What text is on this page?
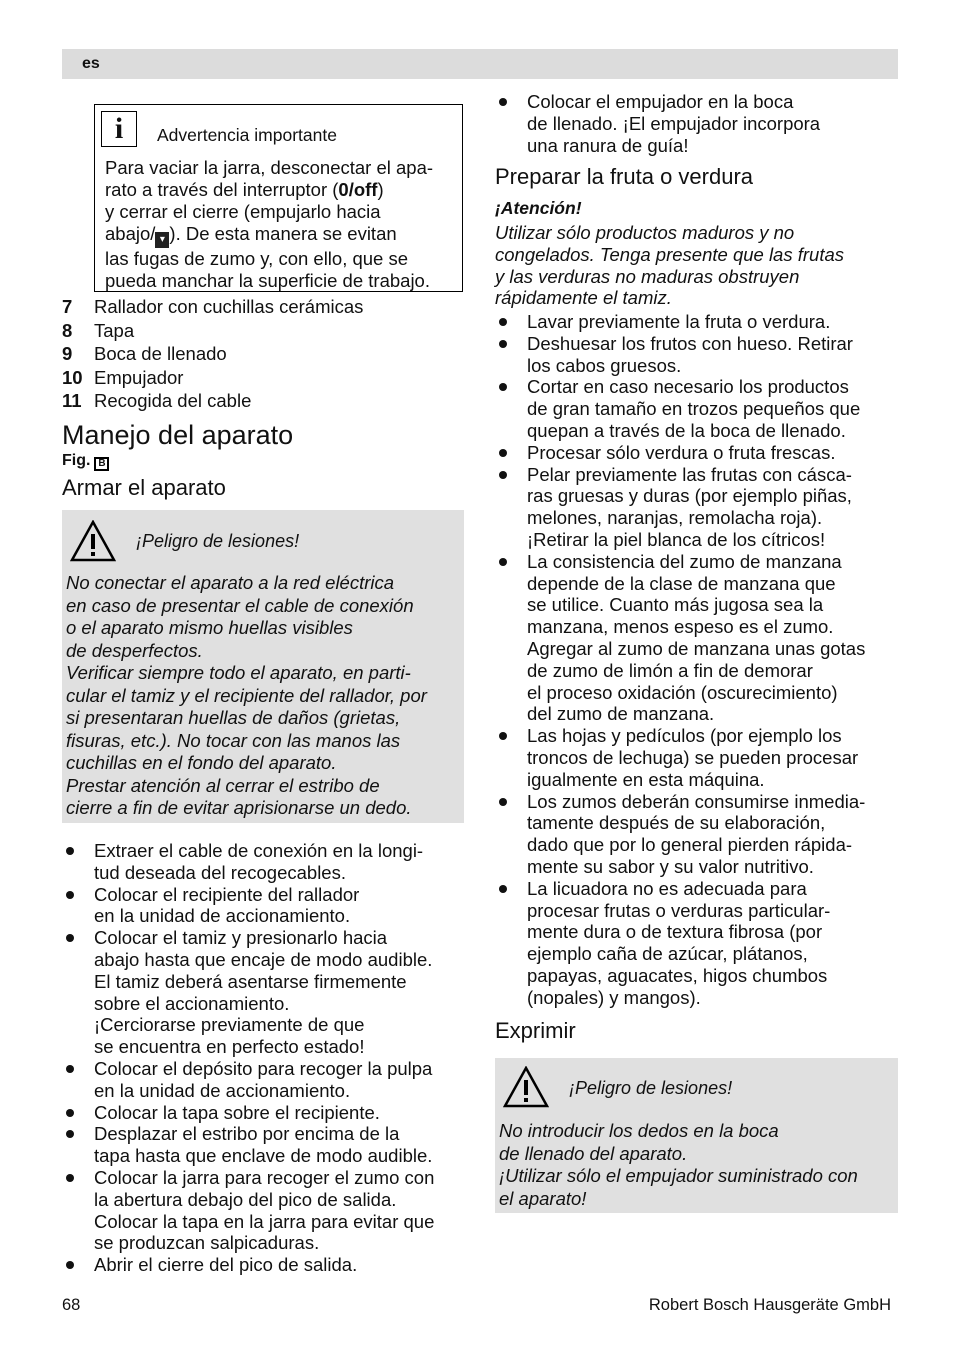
es
i	Advertencia importante
Para vaciar la jarra, desconectar el apa-
rato a través del interruptor (0/off)
y cerrar el cierre (empujarlo hacia
abajo/ ▾ ). De esta manera se evitan
las fugas de zumo y, con ello, que se
pueda manchar la superficie de trabajo.
7 Rallador con cuchillas cerámicas
8 Tapa
9 Boca de llenado
10 Empujador
11 Recogida del cable
Manejo del aparato
Fig. B
Armar el aparato
¡Peligro de lesiones!
No conectar el aparato a la red eléctrica
en caso de presentar el cable de conexión
o el aparato mismo huellas visibles
de desperfectos.
Verificar siempre todo el aparato, en parti-
cular el tamiz y el recipiente del rallador, por
si presentaran huellas de daños (grietas,
fisuras, etc.). No tocar con las manos las
cuchillas en el fondo del aparato.
Prestar atención al cerrar el estribo de
cierre a fin de evitar aprisionarse un dedo.
Extraer el cable de conexión en la longi-
tud deseada del recogecables.
Colocar el recipiente del rallador
en la unidad de accionamiento.
Colocar el tamiz y presionarlo hacia
abajo hasta que encaje de modo audible.
El tamiz deberá asentarse firmemente
sobre el accionamiento.
¡Cerciorarse previamente de que
se encuentra en perfecto estado!
Colocar el depósito para recoger la pulpa
en la unidad de accionamiento.
Colocar la tapa sobre el recipiente.
Desplazar el estribo por encima de la
tapa hasta que enclave de modo audible.
Colocar la jarra para recoger el zumo con
la abertura debajo del pico de salida.
Colocar la tapa en la jarra para evitar que
se produzcan salpicaduras.
Abrir el cierre del pico de salida.
Colocar el empujador en la boca
de llenado. ¡El empujador incorpora
una ranura de guía!
Preparar la fruta o verdura
¡Atención!
Utilizar sólo productos maduros y no
congelados. Tenga presente que las frutas
y las verduras no maduras obstruyen
rápidamente el tamiz.
Lavar previamente la fruta o verdura.
Deshuesar los frutos con hueso. Retirar
los cabos gruesos.
Cortar en caso necesario los productos
de gran tamaño en trozos pequeños que
quepan a través de la boca de llenado.
Procesar sólo verdura o fruta frescas.
Pelar previamente las frutas con cásca-
ras gruesas y duras (por ejemplo piñas,
melones, naranjas, remolacha roja).
¡Retirar la piel blanca de los cítricos!
La consistencia del zumo de manzana
depende de la clase de manzana que
se utilice. Cuanto más jugosa sea la
manzana, menos espeso es el zumo.
Agregar al zumo de manzana unas gotas
de zumo de limón a fin de demorar
el proceso oxidación (oscurecimiento)
del zumo de manzana.
Las hojas y pedículos (por ejemplo los
troncos de lechuga) se pueden procesar
igualmente en esta máquina.
Los zumos deberán consumirse inmedia-
tamente después de su elaboración,
dado que por lo general pierden rápida-
mente su sabor y su valor nutritivo.
La licuadora no es adecuada para
procesar frutas o verduras particular-
mente dura o de textura fibrosa (por
ejemplo caña de azúcar, plátanos,
papayas, aguacates, higos chumbos
(nopales) y mangos).
Exprimir
¡Peligro de lesiones!
No introducir los dedos en la boca
de llenado del aparato.
¡Utilizar sólo el empujador suministrado con
el aparato!
68	Robert Bosch Hausgeräte GmbH
